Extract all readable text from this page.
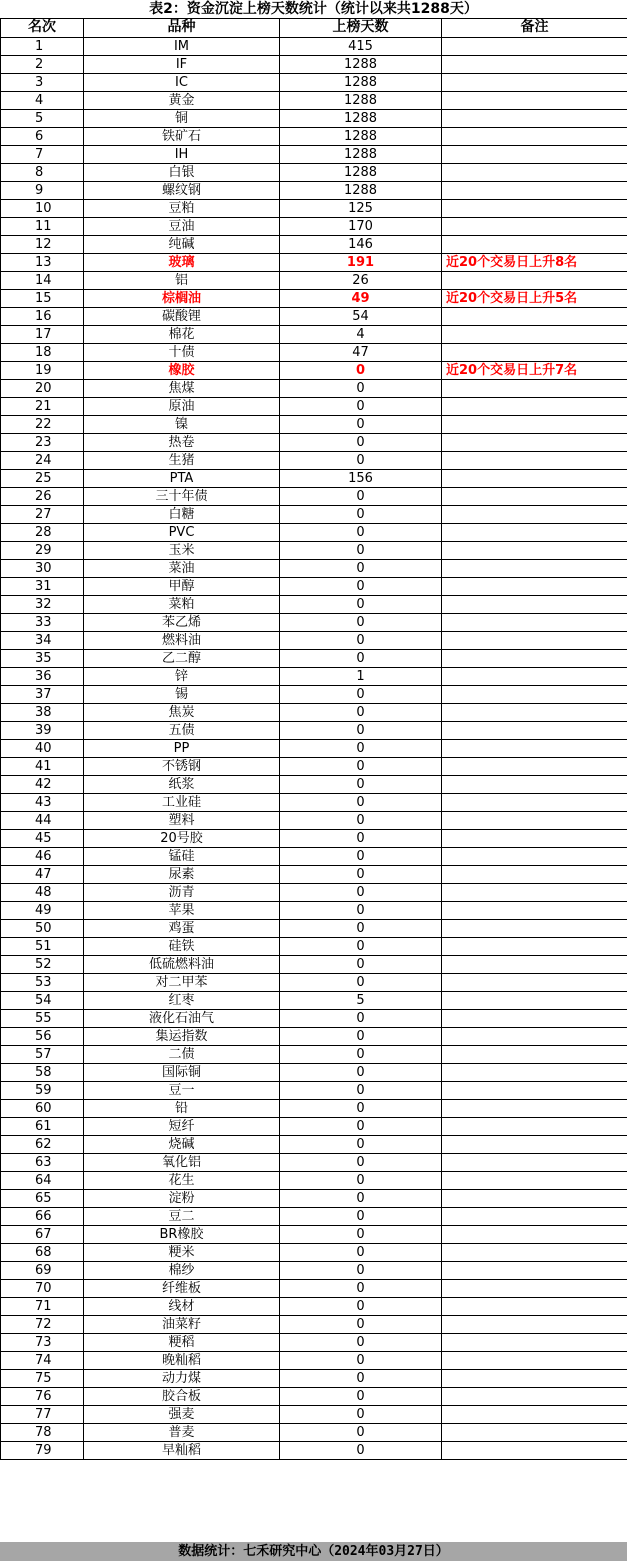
表2：资金沉淀上榜天数统计（统计以来共1288天）
名次	品种	上榜天数	备注
1	IM	415	
2	IF	1288	
3	IC	1288	
4	黄金	1288	
5	铜	1288	
6	铁矿石	1288	
7	IH	1288	
8	白银	1288	
9	螺纹钢	1288	
10	豆粕	125	
11	豆油	170	
12	纯碱	146	
13	玻璃	191	近20个交易日上升8名
14	铝	26	
15	棕榈油	49	近20个交易日上升5名
16	碳酸锂	54	
17	棉花	4	
18	十债	47	
19	橡胶	0	近20个交易日上升7名
20	焦煤	0	
21	原油	0	
22	镍	0	
23	热卷	0	
24	生猪	0	
25	PTA	156	
26	三十年债	0	
27	白糖	0	
28	PVC	0	
29	玉米	0	
30	菜油	0	
31	甲醇	0	
32	菜粕	0	
33	苯乙烯	0	
34	燃料油	0	
35	乙二醇	0	
36	锌	1	
37	锡	0	
38	焦炭	0	
39	五债	0	
40	PP	0	
41	不锈钢	0	
42	纸浆	0	
43	工业硅	0	
44	塑料	0	
45	20号胶	0	
46	锰硅	0	
47	尿素	0	
48	沥青	0	
49	苹果	0	
50	鸡蛋	0	
51	硅铁	0	
52	低硫燃料油	0	
53	对二甲苯	0	
54	红枣	5	
55	液化石油气	0	
56	集运指数	0	
57	二债	0	
58	国际铜	0	
59	豆一	0	
60	铅	0	
61	短纤	0	
62	烧碱	0	
63	氧化铝	0	
64	花生	0	
65	淀粉	0	
66	豆二	0	
67	BR橡胶	0	
68	粳米	0	
69	棉纱	0	
70	纤维板	0	
71	线材	0	
72	油菜籽	0	
73	粳稻	0	
74	晚籼稻	0	
75	动力煤	0	
76	胶合板	0	
77	强麦	0	
78	普麦	0	
79	早籼稻	0	
数据统计：七禾研究中心（2024年03月27日）
